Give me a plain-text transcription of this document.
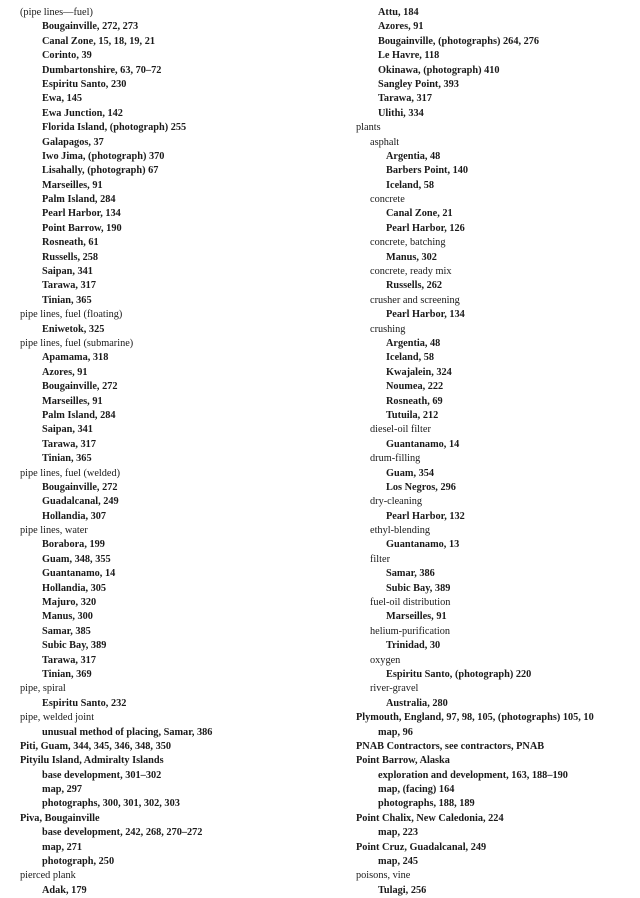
(pipe lines—fuel)
Bougainville, 272, 273
Canal Zone, 15, 18, 19, 21
Corinto, 39
Dumbartonshire, 63, 70–72
Espiritu Santo, 230
Ewa, 145
Ewa Junction, 142
Florida Island, (photograph) 255
Galapagos, 37
Iwo Jima, (photograph) 370
Lisahally, (photograph) 67
Marseilles, 91
Palm Island, 284
Pearl Harbor, 134
Point Barrow, 190
Rosneath, 61
Russells, 258
Saipan, 341
Tarawa, 317
Tinian, 365
pipe lines, fuel (floating)
Eniwetok, 325
pipe lines, fuel (submarine)
Apamama, 318
Azores, 91
Bougainville, 272
Marseilles, 91
Palm Island, 284
Saipan, 341
Tarawa, 317
Tinian, 365
pipe lines, fuel (welded)
Bougainville, 272
Guadalcanal, 249
Hollandia, 307
pipe lines, water
Borabora, 199
Guam, 348, 355
Guantanamo, 14
Hollandia, 305
Majuro, 320
Manus, 300
Samar, 385
Subic Bay, 389
Tarawa, 317
Tinian, 369
pipe, spiral
Espiritu Santo, 232
pipe, welded joint
unusual method of placing, Samar, 386
Piti, Guam, 344, 345, 346, 348, 350
Pityilu Island, Admiralty Islands
base development, 301–302
map, 297
photographs, 300, 301, 302, 303
Piva, Bougainville
base development, 242, 268, 270–272
map, 271
photograph, 250
pierced plank
Adak, 179
Attu, 184
Azores, 91
Bougainville, (photographs) 264, 276
Le Havre, 118
Okinawa, (photograph) 410
Sangley Point, 393
Tarawa, 317
Ulithi, 334
plants
asphalt
Argentia, 48
Barbers Point, 140
Iceland, 58
concrete
Canal Zone, 21
Pearl Harbor, 126
concrete, batching
Manus, 302
concrete, ready mix
Russells, 262
crusher and screening
Pearl Harbor, 134
crushing
Argentia, 48
Iceland, 58
Kwajalein, 324
Noumea, 222
Rosneath, 69
Tutuila, 212
diesel-oil filter
Guantanamo, 14
drum-filling
Guam, 354
Los Negros, 296
dry-cleaning
Pearl Harbor, 132
ethyl-blending
Guantanamo, 13
filter
Samar, 386
Subic Bay, 389
fuel-oil distribution
Marseilles, 91
helium-purification
Trinidad, 30
oxygen
Espiritu Santo, (photograph) 220
river-gravel
Australia, 280
Plymouth, England, 97, 98, 105, (photographs) 105, 10
map, 96
PNAB Contractors, see contractors, PNAB
Point Barrow, Alaska
exploration and development, 163, 188–190
map, (facing) 164
photographs, 188, 189
Point Chalix, New Caledonia, 224
map, 223
Point Cruz, Guadalcanal, 249
map, 245
poisons, vine
Tulagi, 256
